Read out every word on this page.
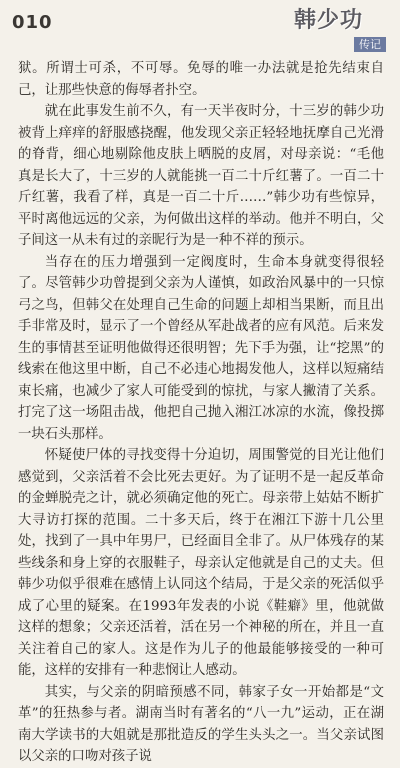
010	韩少功
传记

狱。所谓士可杀，不可辱。免辱的唯一办法就是抢先结束自己，让那些快意的侮辱者扑空。

就在此事发生前不久，有一天半夜时分，十三岁的韩少功被背上痒痒的舒服感挠醒，他发现父亲正轻轻地抚摩自己光滑的脊背，细心地剔除他皮肤上晒脱的皮屑，对母亲说：“毛他真是长大了，十三岁的人就能挑一百二十斤红薯了。一百二十斤红薯，我看了样，真是一百二十斤……”韩少功有些惊异，平时离他远远的父亲，为何做出这样的举动。他并不明白，父子间这一从未有过的亲昵行为是一种不祥的预示。

当存在的压力增强到一定阀度时，生命本身就变得很轻了。尽管韩少功曾提到父亲为人谨慎，如政治风暴中的一只惊弓之鸟，但韩父在处理自己生命的问题上却相当果断，而且出手非常及时，显示了一个曾经从军赴战者的应有风范。后来发生的事情甚至证明他做得还很明智；先下手为强，让“挖黑”的线索在他这里中断，自己不必违心地揭发他人，这样以短痛结束长痛，也减少了家人可能受到的惊扰，与家人撇清了关系。打完了这一场阻击战，他把自己抛入湘江冰凉的水流，像投掷一块石头那样。

怀疑使尸体的寻找变得十分迫切，周围警觉的目光让他们感觉到，父亲活着不会比死去更好。为了证明不是一起反革命的金蝉脱壳之计，就必须确定他的死亡。母亲带上姑姑不断扩大寻访打探的范围。二十多天后，终于在湘江下游十几公里处，找到了一具中年男尸，已经面目全非了。从尸体残存的某些线条和身上穿的衣服鞋子，母亲认定他就是自己的丈夫。但韩少功似乎很难在感情上认同这个结局，于是父亲的死活似乎成了心里的疑案。在1993年发表的小说《鞋癖》里，他就做这样的想象；父亲还活着，活在另一个神秘的所在，并且一直关注着自己的家人。这是作为儿子的他最能够接受的一种可能，这样的安排有一种悲悯让人感动。

其实，与父亲的阴暗预感不同，韩家子女一开始都是“文革”的狂热参与者。湖南当时有著名的“八一九”运动，正在湖南大学读书的大姐就是那批造反的学生头头之一。当父亲试图以父亲的口吻对孩子说
